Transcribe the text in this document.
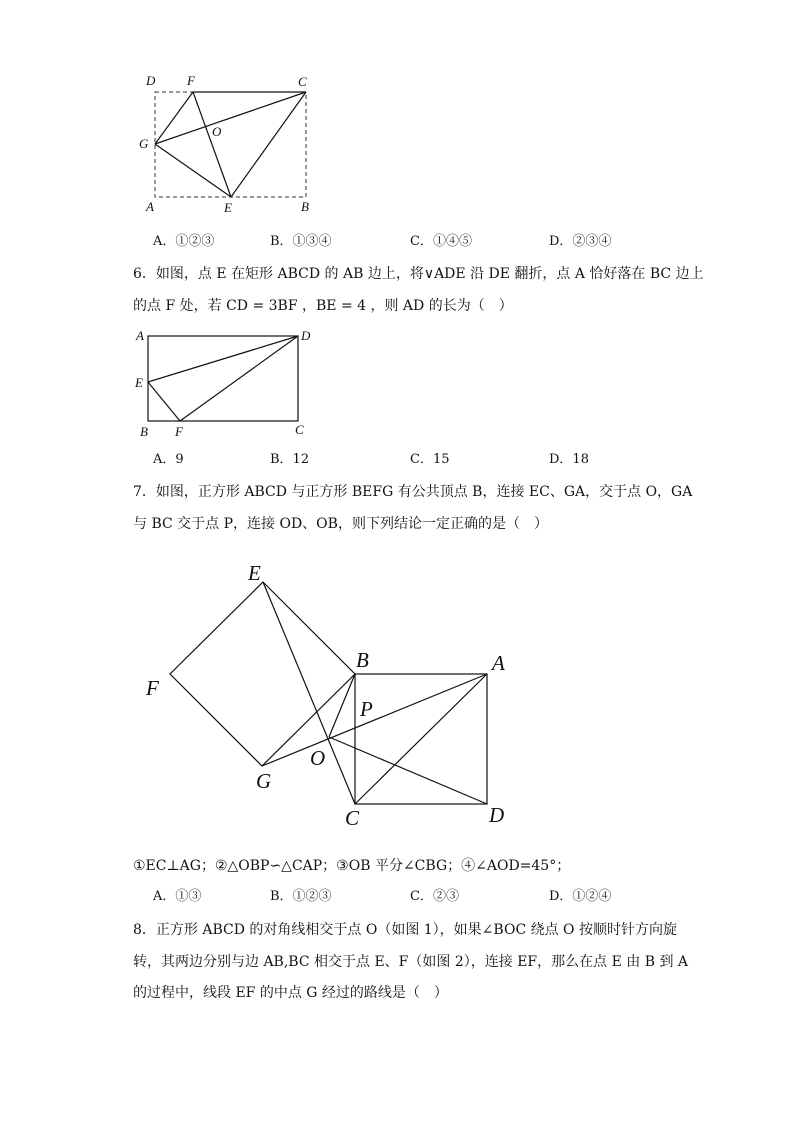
D F	C
G
O
A	E	B
A．①②③	B．①③④	C．①④⑤	D．②③④
6．如图，点 E 在矩形 ABCD 的 AB 边上，将∨ADE 沿 DE 翻折，点 A 恰好落在 BC 边上
的点 F 处，若 CD = 3BF ，BE = 4 ，则 AD 的长为（　）
A	D
E
B F	C
A．9	B．12	C．15	D．18
7．如图，正方形 ABCD 与正方形 BEFG 有公共顶点 B，连接 EC、GA，交于点 O，GA
与 BC 交于点 P，连接 OD、OB，则下列结论一定正确的是（　）
E
F
B	A
P
O
G
C	D
①EC⊥AG；②△OBP∽△CAP；③OB 平分∠CBG；④∠AOD=45°；
A．①③	B．①②③	C．②③	D．①②④
8．正方形 ABCD 的对角线相交于点 O（如图 1），如果∠BOC 绕点 O 按顺时针方向旋
转，其两边分别与边 AB,BC 相交于点 E、F（如图 2），连接 EF，那么在点 E 由 B 到 A
的过程中，线段 EF 的中点 G 经过的路线是（　）
